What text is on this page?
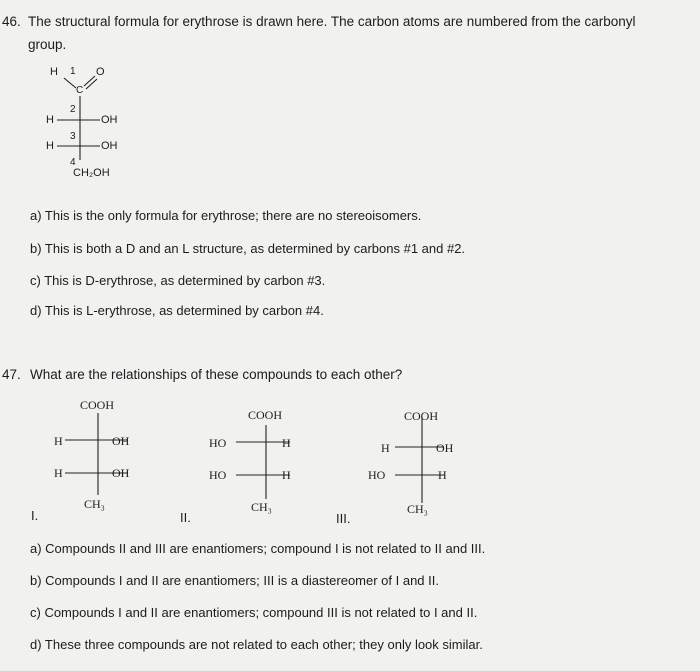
46. The structural formula for erythrose is drawn here. The carbon atoms are numbered from the carbonyl
group.
H 1
C
O
2
H	OH
3
H	OH
4
CH₂OH
a) This is the only formula for erythrose; there are no stereoisomers.
b) This is both a D and an L structure, as determined by carbons #1 and #2.
c) This is D-erythrose, as determined by carbon #3.
d) This is L-erythrose, as determined by carbon #4.
47. What are the relationships of these compounds to each other?
COOH
H	OH
H	OH
CH₃
I.
COOH
HO	H
HO	H
CH₃
II.
COOH
H	OH
HO	H
CH₃
III.
a) Compounds II and III are enantiomers; compound I is not related to II and III.
b) Compounds I and II are enantiomers; III is a diastereomer of I and II.
c) Compounds I and II are enantiomers; compound III is not related to I and II.
d) These three compounds are not related to each other; they only look similar.
